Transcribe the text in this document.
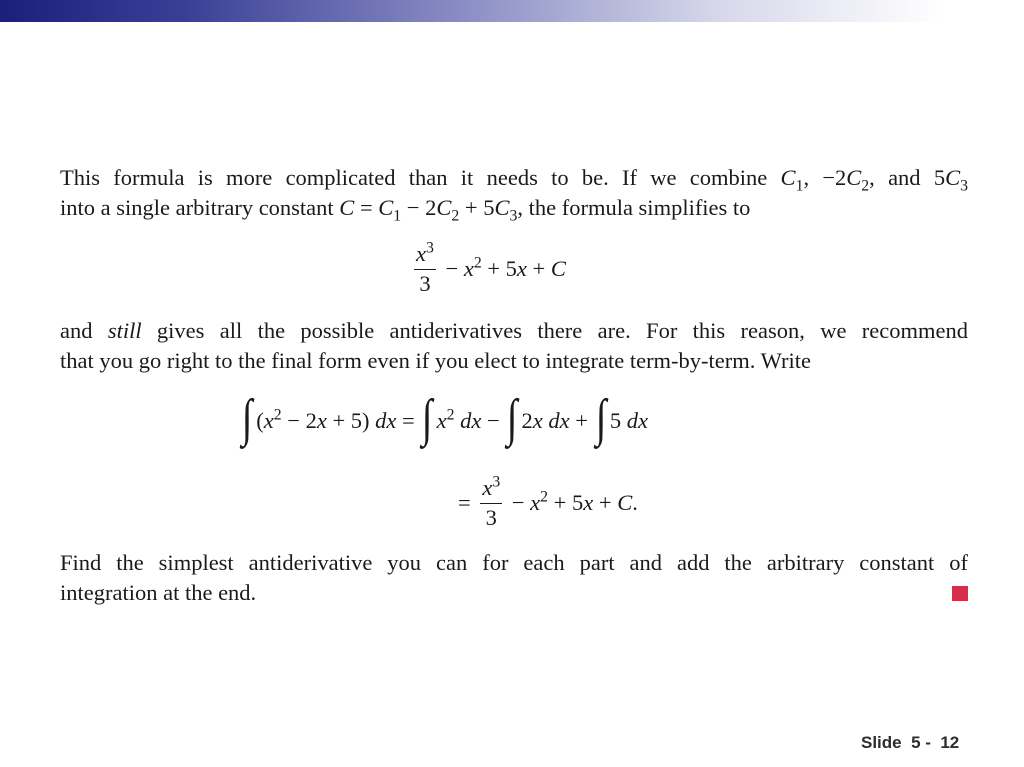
This formula is more complicated than it needs to be. If we combine $C_1$, $-2C_2$, and $5C_3$
into a single arbitrary constant $C = C_1 - 2C_2 + 5C_3$, the formula simplifies to
$\frac{x^3}{3} - x^2 + 5x + C$
and still gives all the possible antiderivatives there are. For this reason, we recommend
that you go right to the final form even if you elect to integrate term-by-term. Write
∫ $(x^2 - 2x + 5)$ dx = ∫ $x^2$ dx − ∫ 2x dx + ∫ 5 dx
= $\frac{x^3}{3} - x^2 + 5x + C$.
Find the simplest antiderivative you can for each part and add the arbitrary constant of
integration at the end.
Slide  5 -  12
